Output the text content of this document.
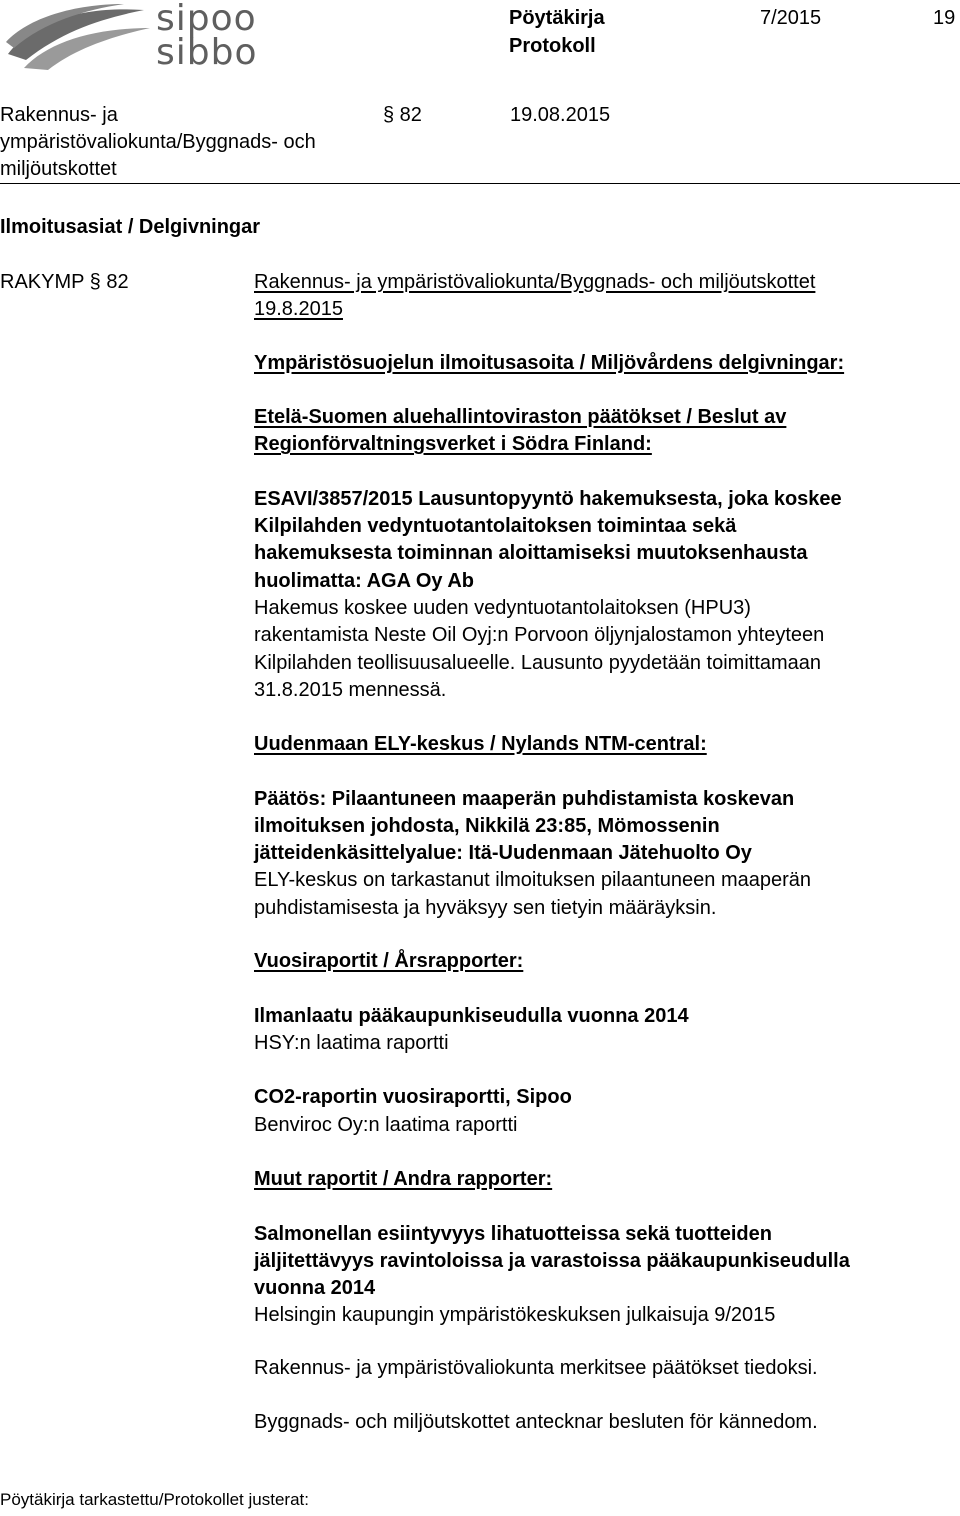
sipoo
sibbo
Pöytäkirja
Protokoll
7/2015	19
Rakennus- ja
ympäristövaliokunta/Byggnads- och
miljöutskottet
§ 82	19.08.2015
Ilmoitusasiat / Delgivningar
RAKYMP § 82	Rakennus- ja ympäristövaliokunta/Byggnads- och miljöutskottet
19.8.2015
Ympäristösuojelun ilmoitusasoita / Miljövårdens delgivningar:
Etelä-Suomen aluehallintoviraston päätökset / Beslut av
Regionförvaltningsverket i Södra Finland:
ESAVI/3857/2015 Lausuntopyyntö hakemuksesta, joka koskee
Kilpilahden vedyntuotantolaitoksen toimintaa sekä
hakemuksesta toiminnan aloittamiseksi muutoksenhausta
huolimatta: AGA Oy Ab
Hakemus koskee uuden vedyntuotantolaitoksen (HPU3)
rakentamista Neste Oil Oyj:n Porvoon öljynjalostamon yhteyteen
Kilpilahden teollisuusalueelle. Lausunto pyydetään toimittamaan
31.8.2015 mennessä.
Uudenmaan ELY-keskus / Nylands NTM-central:
Päätös: Pilaantuneen maaperän puhdistamista koskevan
ilmoituksen johdosta, Nikkilä 23:85, Mömossenin
jätteidenkäsittelyalue: Itä-Uudenmaan Jätehuolto Oy
ELY-keskus on tarkastanut ilmoituksen pilaantuneen maaperän
puhdistamisesta ja hyväksyy sen tietyin määräyksin.
Vuosiraportit / Årsrapporter:
Ilmanlaatu pääkaupunkiseudulla vuonna 2014
HSY:n laatima raportti
CO2-raportin vuosiraportti, Sipoo
Benviroc Oy:n laatima raportti
Muut raportit / Andra rapporter:
Salmonellan esiintyvyys lihatuotteissa sekä tuotteiden
jäljitettävyys ravintoloissa ja varastoissa pääkaupunkiseudulla
vuonna 2014
Helsingin kaupungin ympäristökeskuksen julkaisuja 9/2015
Rakennus- ja ympäristövaliokunta merkitsee päätökset tiedoksi.
Byggnads- och miljöutskottet antecknar besluten för kännedom.
Pöytäkirja tarkastettu/Protokollet justerat:
